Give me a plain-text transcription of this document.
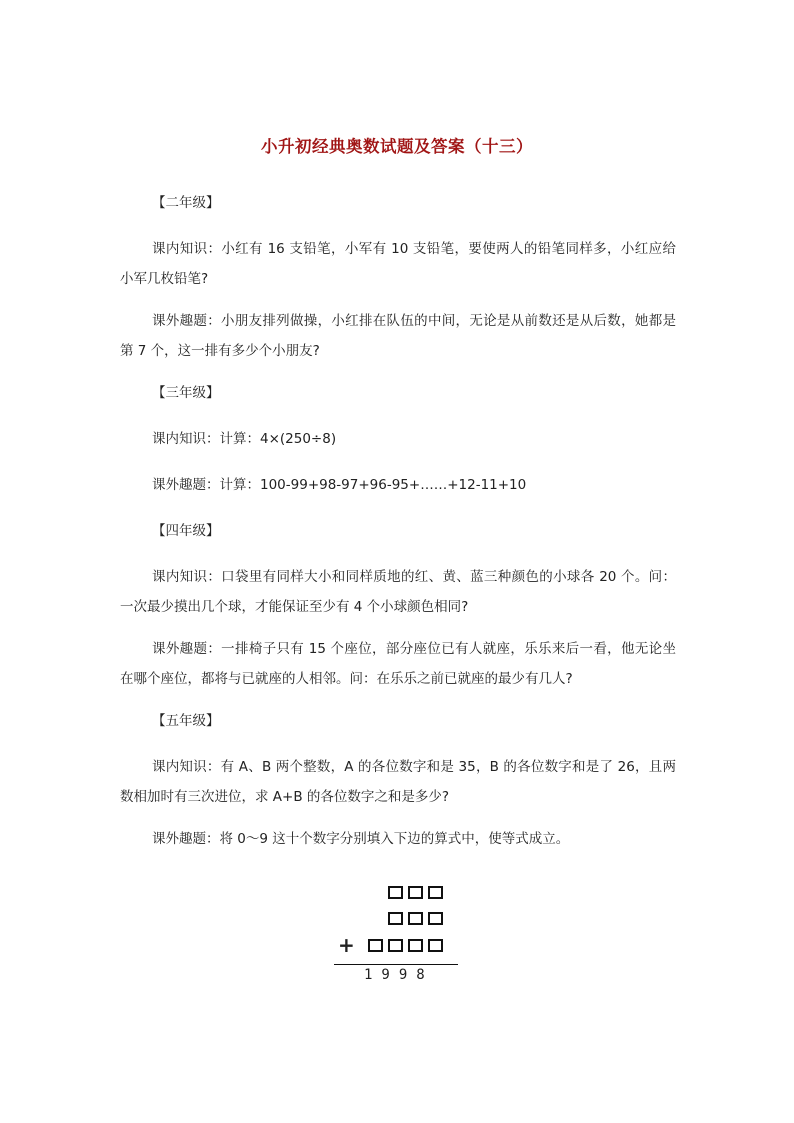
小升初经典奥数试题及答案（十三）
【二年级】

课内知识：小红有 16 支铅笔，小军有 10 支铅笔，要使两人的铅笔同样多，小红应给小军几枚铅笔?

课外趣题：小朋友排列做操，小红排在队伍的中间，无论是从前数还是从后数，她都是第 7 个，这一排有多少个小朋友?

【三年级】

课内知识：计算：4×(250÷8)

课外趣题：计算：100-99+98-97+96-95+……+12-11+10

【四年级】

课内知识：口袋里有同样大小和同样质地的红、黄、蓝三种颜色的小球各 20 个。问：一次最少摸出几个球，才能保证至少有 4 个小球颜色相同?

课外趣题：一排椅子只有 15 个座位，部分座位已有人就座，乐乐来后一看，他无论坐在哪个座位，都将与已就座的人相邻。问：在乐乐之前已就座的最少有几人?

【五年级】

课内知识：有 A、B 两个整数，A 的各位数字和是 35，B 的各位数字和是了 26，且两数相加时有三次进位，求 A+B 的各位数字之和是多少?

课外趣题：将 0～9 这十个数字分别填入下边的算式中，使等式成立。

+
1998
